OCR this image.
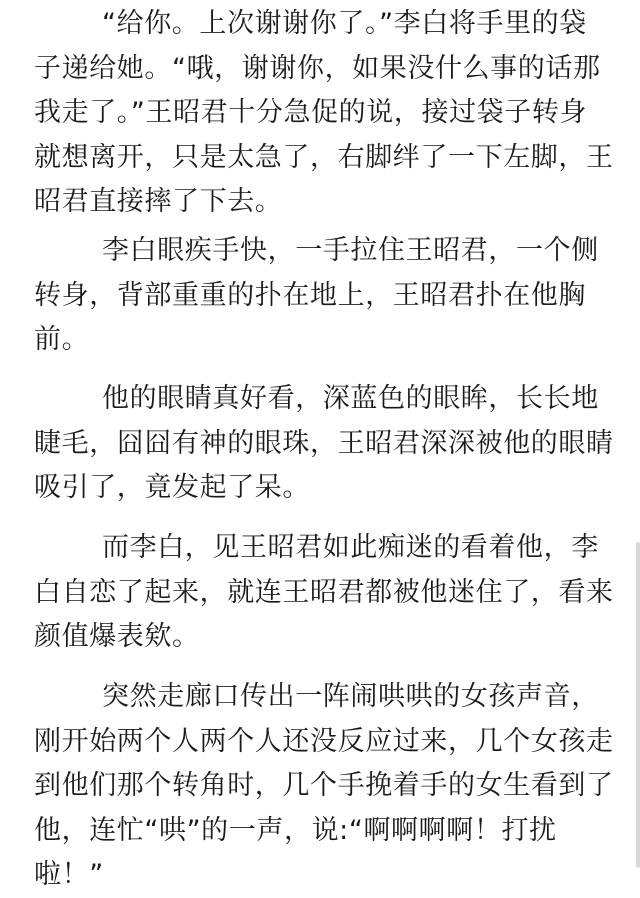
“给你。上次谢谢你了。”李白将手里的袋子递给她。“哦，谢谢你，如果没什么事的话那我走了。”王昭君十分急促的说，接过袋子转身就想离开，只是太急了，右脚绊了一下左脚，王昭君直接摔了下去。

李白眼疾手快，一手拉住王昭君，一个侧转身，背部重重的扑在地上，王昭君扑在他胸前。

他的眼睛真好看，深蓝色的眼眸，长长地睫毛，囧囧有神的眼珠，王昭君深深被他的眼睛吸引了，竟发起了呆。

而李白，见王昭君如此痴迷的看着他，李白自恋了起来，就连王昭君都被他迷住了，看来颜值爆表欸。

突然走廊口传出一阵闹哄哄的女孩声音， 刚开始两个人两个人还没反应过来，几个女孩走到他们那个转角时，几个手挽着手的女生看到了他，连忙“哄”的一声，说:“啊啊啊啊！打扰啦！”
